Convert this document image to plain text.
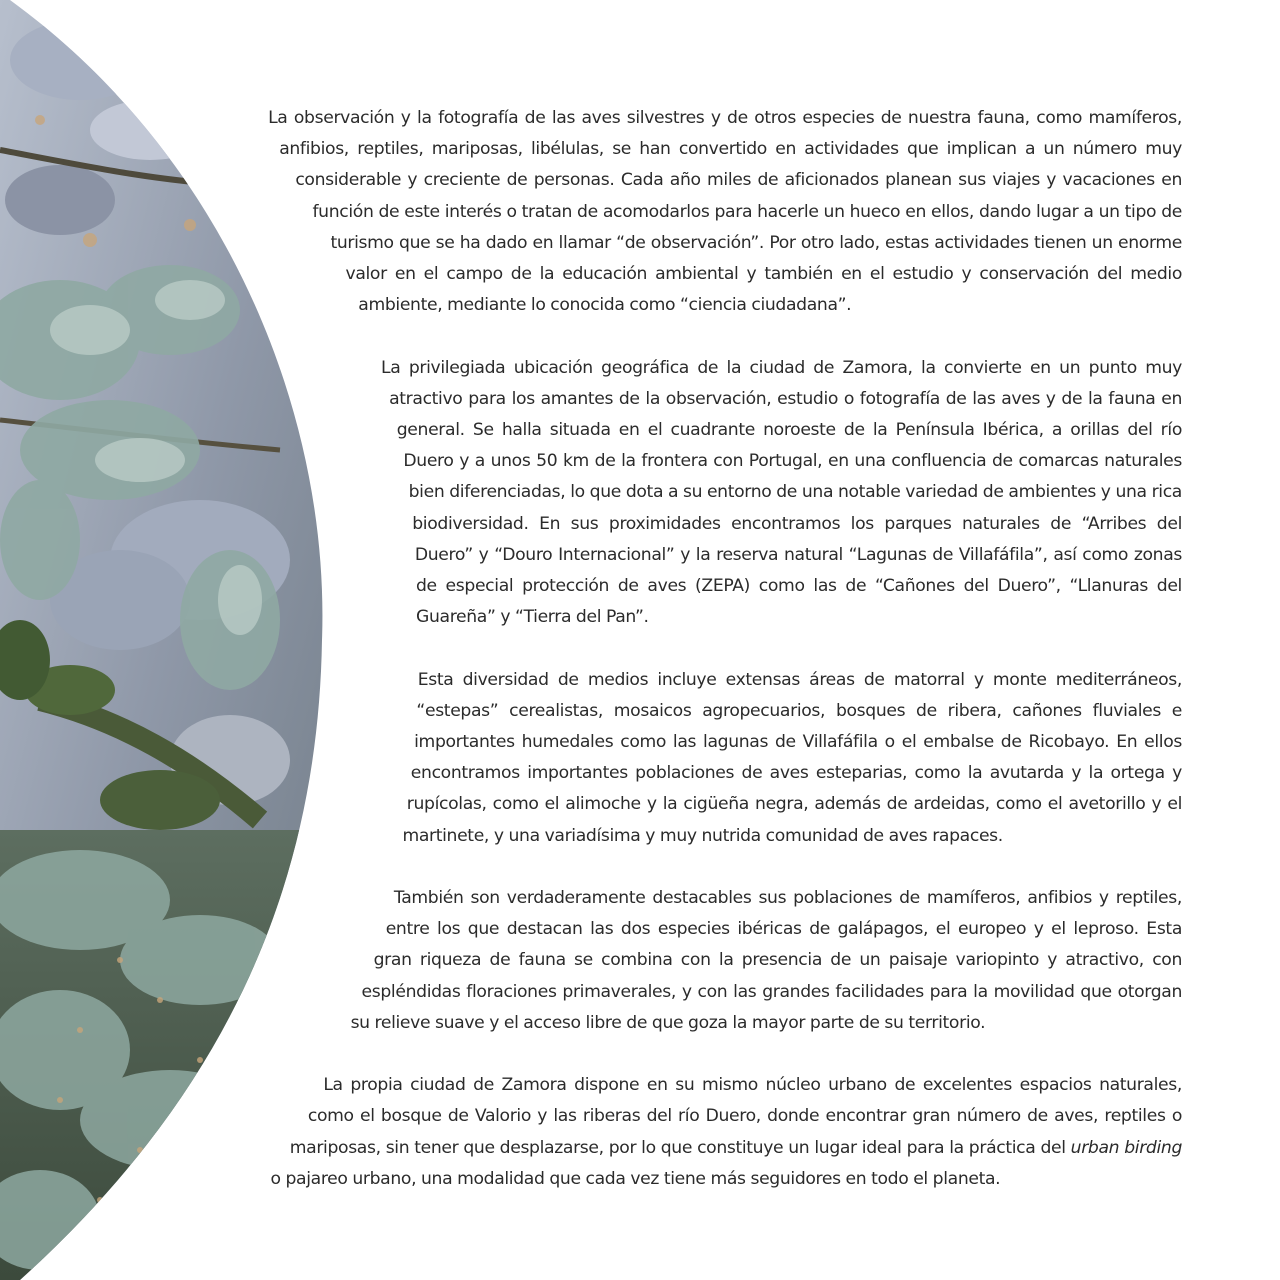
La observación y la fotografía de las aves silvestres y de otros especies de nuestra fauna, como mamíferos, anfibios, reptiles, mariposas, libélulas, se han convertido en actividades que implican a un número muy considerable y creciente de personas. Cada año miles de aficionados planean sus viajes y vacaciones en función de este interés o tratan de acomodarlos para hacerle un hueco en ellos, dando lugar a un tipo de turismo que se ha dado en llamar “de observación”. Por otro lado, estas actividades tienen un enorme valor en el campo de la educación ambiental y también en el estudio y conservación del medio ambiente, mediante lo conocida como “ciencia ciudadana”.

La privilegiada ubicación geográfica de la ciudad de Zamora, la convierte en un punto muy atractivo para los amantes de la observación, estudio o fotografía de las aves y de la fauna en general. Se halla situada en el cuadrante noroeste de la Península Ibérica, a orillas del río Duero y a unos 50 km de la frontera con Portugal, en una confluencia de comarcas naturales bien diferenciadas, lo que dota a su entorno de una notable variedad de ambientes y una rica biodiversidad. En sus proximidades encontramos los parques naturales de “Arribes del Duero” y “Douro Internacional” y la reserva natural “Lagunas de Villafáfila”, así como zonas de especial protección de aves (ZEPA) como las de “Cañones del Duero”, “Llanuras del Guareña” y “Tierra del Pan”.

Esta diversidad de medios incluye extensas áreas de matorral y monte mediterráneos, “estepas” cerealistas, mosaicos agropecuarios, bosques de ribera, cañones fluviales e importantes humedales como las lagunas de Villafáfila o el embalse de Ricobayo. En ellos encontramos importantes poblaciones de aves esteparias, como la avutarda y la ortega y rupícolas, como el alimoche y la cigüeña negra, además de ardeidas, como el avetorillo y el martinete, y una variadísima y muy nutrida comunidad de aves rapaces.

También son verdaderamente destacables sus poblaciones de mamíferos, anfibios y reptiles, entre los que destacan las dos especies ibéricas de galápagos, el europeo y el leproso. Esta gran riqueza de fauna se combina con la presencia de un paisaje variopinto y atractivo, con espléndidas floraciones primaverales, y con las grandes facilidades para la movilidad que otorgan su relieve suave y el acceso libre de que goza la mayor parte de su territorio.

La propia ciudad de Zamora dispone en su mismo núcleo urbano de excelentes espacios naturales, como el bosque de Valorio y las riberas del río Duero, donde encontrar gran número de aves, reptiles o mariposas, sin tener que desplazarse, por lo que constituye un lugar ideal para la práctica del urban birding o pajareo urbano, una modalidad que cada vez tiene más seguidores en todo el planeta.
